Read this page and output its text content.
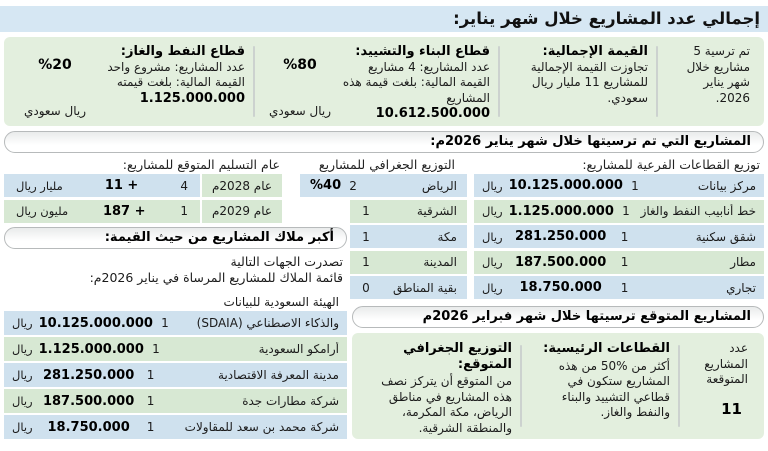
إجمالي عدد المشاريع خلال شهر يناير:
تم ترسية 5 مشاريع خلال شهر يناير 2026.
القيمة الإجمالية:
تجاوزت القيمة الإجمالية للمشاريع 11 مليار ريال سعودي.
قطاع البناء والتشييد:
عدد المشاريع: 4 مشاريع
القيمة المالية: بلغت قيمة هذه المشاريع
10.612.500.000
%80
ريال سعودي
قطاع النفط والغاز:
عدد المشاريع: مشروع واحد
القيمة المالية: بلغت قيمته
1.125.000.000
%20
ريال سعودي
المشاريع التي تم ترسيتها خلال شهر يناير 2026م:
توزيع القطاعات الفرعية للمشاريع:
التوزيع الجغرافي للمشاريع
عام التسليم المتوقع للمشاريع:
مركز بيانات
1
10.125.000.000
ريال
خط أنابيب النفط والغاز
1
1.125.000.000
ريال
شقق سكنية
1
281.250.000
ريال
مطار
1
187.500.000
ريال
تجاري
1
18.750.000
ريال
الرياض
2
%40
الشرقية
1
مكة
1
المدينة
1
بقية المناطق
0
عام 2028م
4
+ 11
مليار ريال
عام 2029م
1
+ 187
مليون ريال
أكبر ملاك المشاريع من حيث القيمة:
تصدرت الجهات التالية
قائمة الملاك للمشاريع المرساة في يناير 2026م:
الهيئة السعودية للبيانات
والذكاء الاصطناعي (SDAIA)
1
10.125.000.000
ريال
أرامكو السعودية
1
1.125.000.000
ريال
مدينة المعرفة الاقتصادية
1
281.250.000
ريال
شركة مطارات جدة
1
187.500.000
ريال
شركة محمد بن سعد للمقاولات
1
18.750.000
ريال
المشاريع المتوقع ترسيتها خلال شهر فبراير 2026م
عدد المشاريع المتوقعة
11
القطاعات الرئيسية:
أكثر من %50 من هذه المشاريع ستكون في قطاعي التشييد والبناء والنفط والغاز.
التوزيع الجغرافي المتوقع:
من المتوقع أن يتركز نصف هذه المشاريع في مناطق الرياض، مكة المكرمة، والمنطقة الشرقية.
